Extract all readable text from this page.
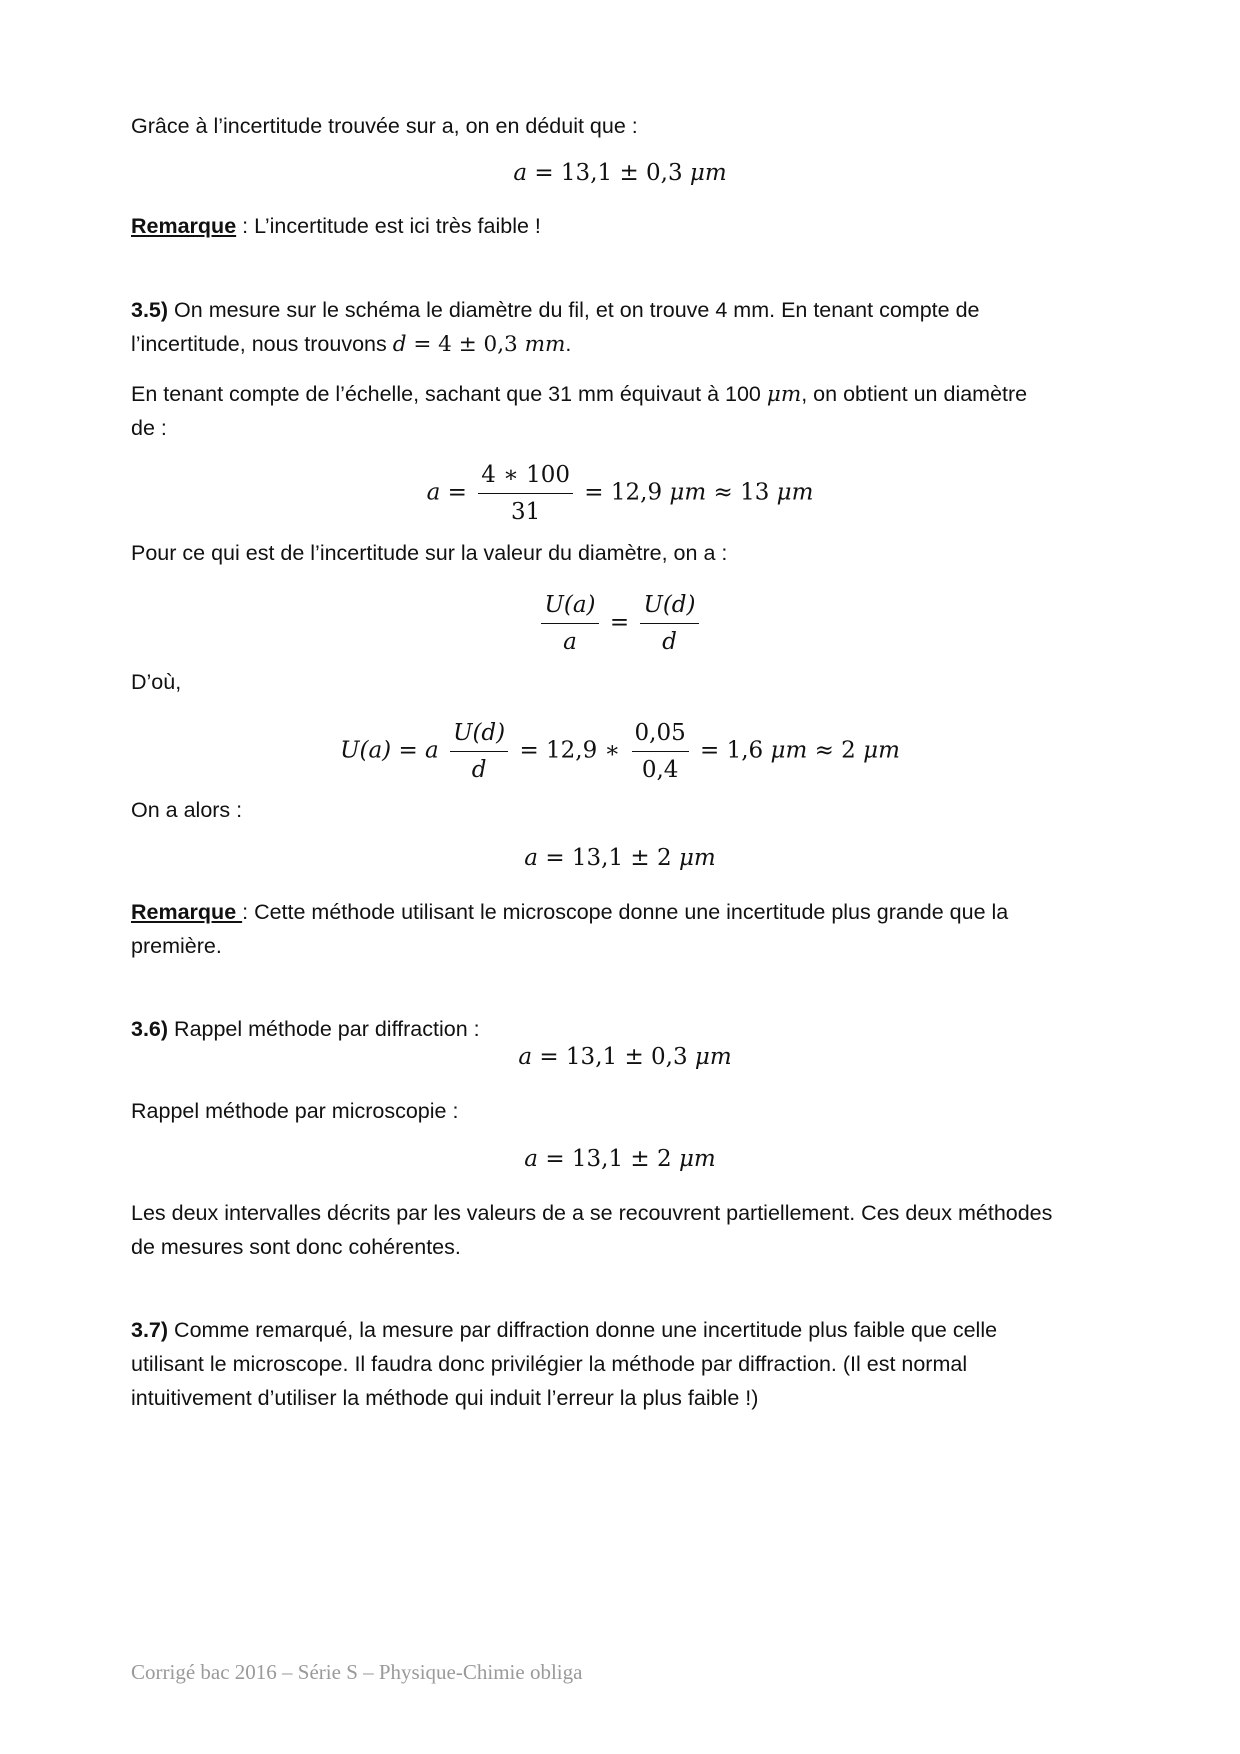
Grâce à l’incertitude trouvée sur a, on en déduit que :
a = 13,1 ± 0,3 μm
Remarque : L’incertitude est ici très faible !
3.5) On mesure sur le schéma le diamètre du fil, et on trouve 4 mm. En tenant compte de
l’incertitude, nous trouvons d = 4 ± 0,3 mm.
En tenant compte de l’échelle, sachant que 31 mm équivaut à 100 μm, on obtient un diamètre
de :
$a = \frac{4 ∗ 100}{31} = 12,9$ μm ≈ 13 μm
Pour ce qui est de l’incertitude sur la valeur du diamètre, on a :
$\frac{U(a)}{a} = \frac{U(d)}{d}$
D’où,
U(a) = a $\frac{U(d)}{d} = 12,9$ ∗ $\frac{0,05}{0,4} = 1,6$ μm ≈ 2 μm
On a alors :
a = 13,1 ± 2 μm
Remarque : Cette méthode utilisant le microscope donne une incertitude plus grande que la
première.
3.6) Rappel méthode par diffraction :
a = 13,1 ± 0,3 μm
Rappel méthode par microscopie :
a = 13,1 ± 2 μm
Les deux intervalles décrits par les valeurs de a se recouvrent partiellement. Ces deux méthodes
de mesures sont donc cohérentes.
3.7) Comme remarqué, la mesure par diffraction donne une incertitude plus faible que celle
utilisant le microscope. Il faudra donc privilégier la méthode par diffraction. (Il est normal
intuitivement d’utiliser la méthode qui induit l’erreur la plus faible !)
Corrigé bac 2016 – Série S – Physique-Chimie obliga
